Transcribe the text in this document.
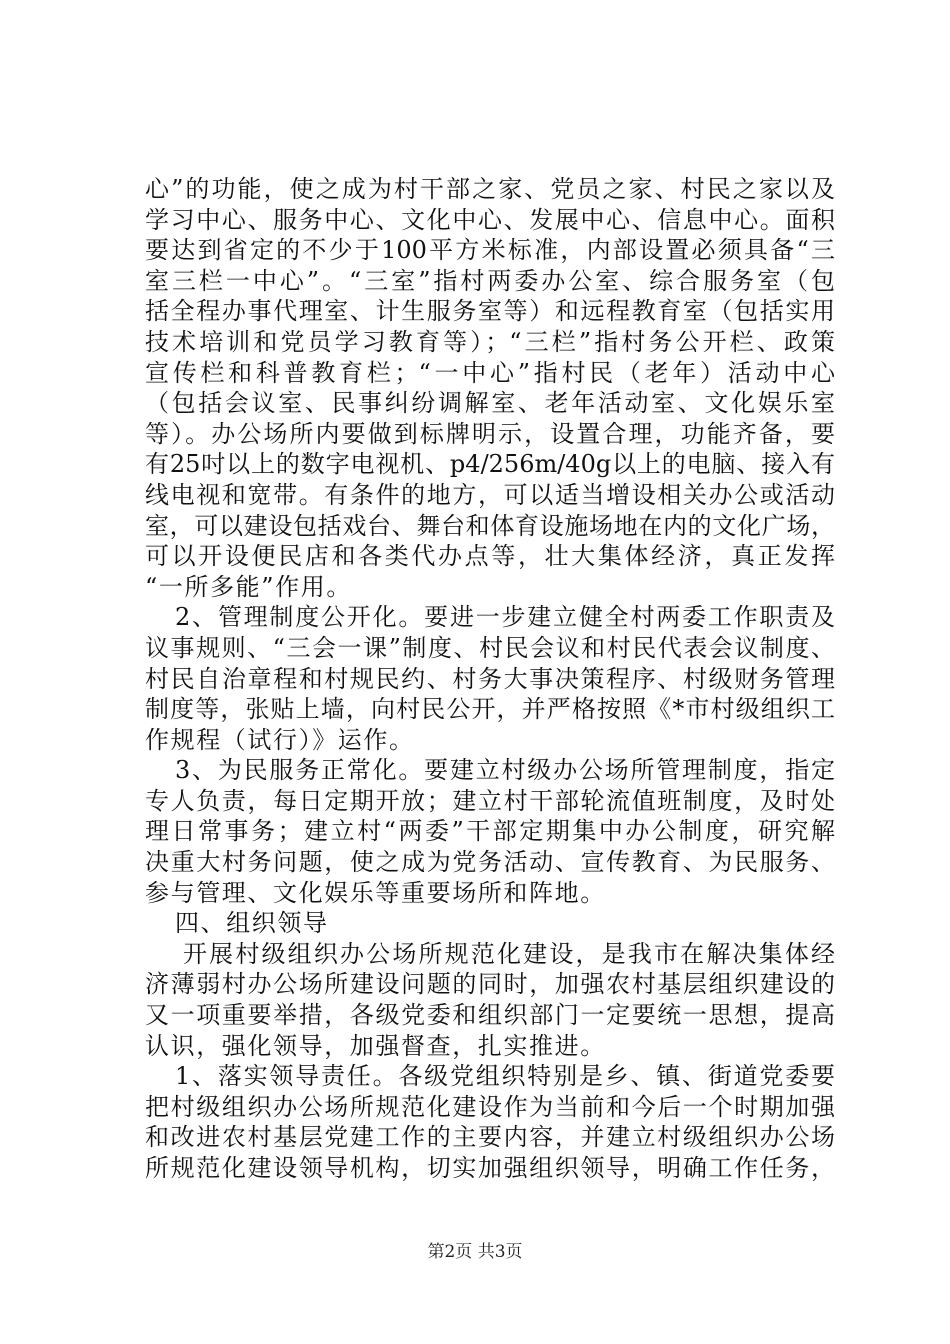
心”的功能，使之成为村干部之家、党员之家、村民之家以及
学习中心、服务中心、文化中心、发展中心、信息中心。面积
要达到省定的不少于100平方米标准，内部设置必须具备“三
室三栏一中心”。“三室”指村两委办公室、综合服务室（包
括全程办事代理室、计生服务室等）和远程教育室（包括实用
技术培训和党员学习教育等）；“三栏”指村务公开栏、政策
宣传栏和科普教育栏；“一中心”指村民（老年）活动中心
（包括会议室、民事纠纷调解室、老年活动室、文化娱乐室
等）。办公场所内要做到标牌明示，设置合理，功能齐备，要
有25吋以上的数字电视机、p4/256m/40g以上的电脑、接入有
线电视和宽带。有条件的地方，可以适当增设相关办公或活动
室，可以建设包括戏台、舞台和体育设施场地在内的文化广场，
可以开设便民店和各类代办点等，壮大集体经济，真正发挥
“一所多能”作用。
2、管理制度公开化。要进一步建立健全村两委工作职责及
议事规则、“三会一课”制度、村民会议和村民代表会议制度、
村民自治章程和村规民约、村务大事决策程序、村级财务管理
制度等，张贴上墙，向村民公开，并严格按照《*市村级组织工
作规程（试行）》运作。
3、为民服务正常化。要建立村级办公场所管理制度，指定
专人负责，每日定期开放；建立村干部轮流值班制度，及时处
理日常事务；建立村“两委”干部定期集中办公制度，研究解
决重大村务问题，使之成为党务活动、宣传教育、为民服务、
参与管理、文化娱乐等重要场所和阵地。
四、组织领导
开展村级组织办公场所规范化建设，是我市在解决集体经
济薄弱村办公场所建设问题的同时，加强农村基层组织建设的
又一项重要举措，各级党委和组织部门一定要统一思想，提高
认识，强化领导，加强督查，扎实推进。
1、落实领导责任。各级党组织特别是乡、镇、街道党委要
把村级组织办公场所规范化建设作为当前和今后一个时期加强
和改进农村基层党建工作的主要内容，并建立村级组织办公场
所规范化建设领导机构，切实加强组织领导，明确工作任务，
第2页 共3页
